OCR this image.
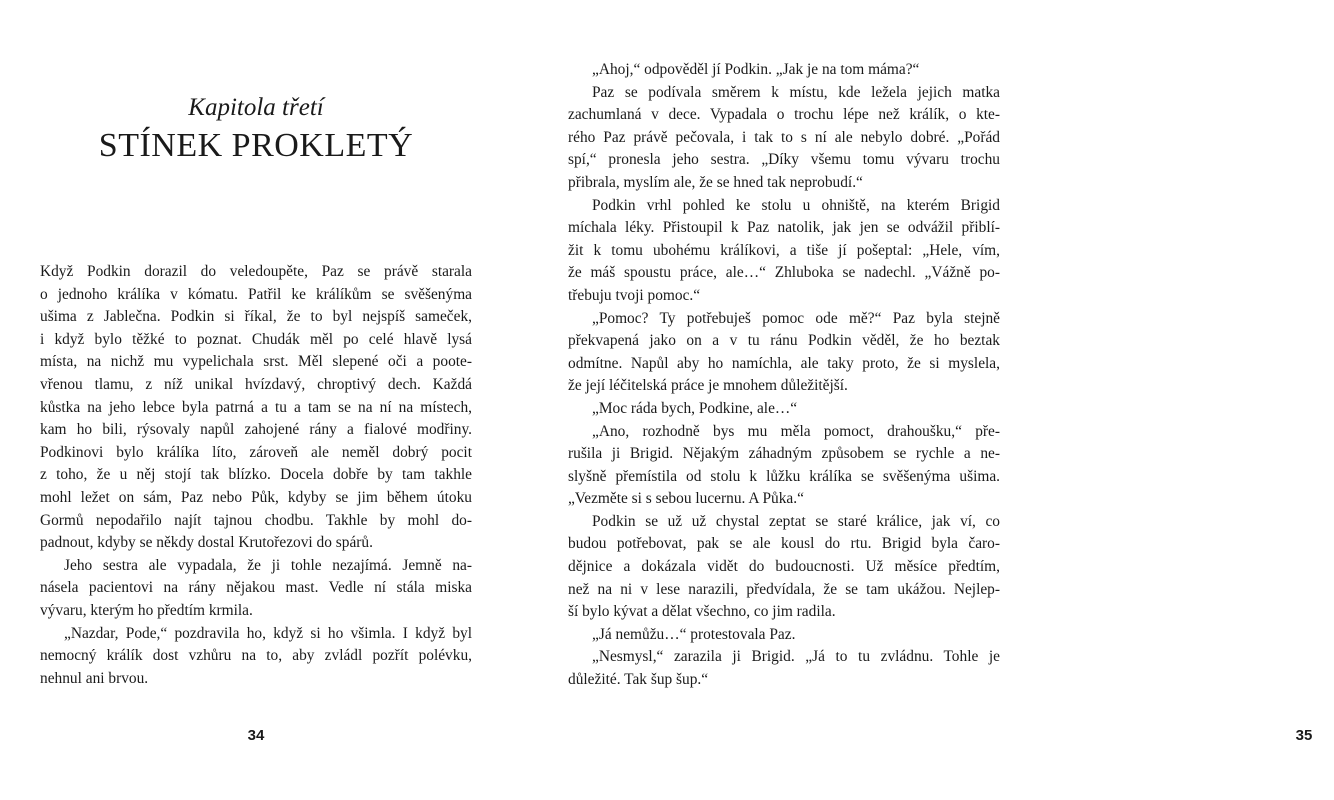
Kapitola třetí
STÍNEK PROKLETÝ
34

Když Podkin dorazil do veledoupěte, Paz se právě starala
o jednoho králíka v kómatu. Patřil ke králíkům se svěšenýma
ušima z Jablečna. Podkin si říkal, že to byl nejspíš sameček,
i když bylo těžké to poznat. Chudák měl po celé hlavě lysá
místa, na nichž mu vypelichala srst. Měl slepené oči a poote-
vřenou tlamu, z níž unikal hvízdavý, chroptivý dech. Každá
kůstka na jeho lebce byla patrná a tu a tam se na ní na místech,
kam ho bili, rýsovaly napůl zahojené rány a fialové modřiny.
Podkinovi bylo králíka líto, zároveň ale neměl dobrý pocit
z toho, že u něj stojí tak blízko. Docela dobře by tam takhle
mohl ležet on sám, Paz nebo Půk, kdyby se jim během útoku
Gormů nepodařilo najít tajnou chodbu. Takhle by mohl do-
padnout, kdyby se někdy dostal Krutořezovi do spárů.

Jeho sestra ale vypadala, že ji tohle nezajímá. Jemně na-
násela pacientovi na rány nějakou mast. Vedle ní stála miska
vývaru, kterým ho předtím krmila.

„Nazdar, Pode,“ pozdravila ho, když si ho všimla. I když byl
nemocný králík dost vzhůru na to, aby zvládl pozřít polévku,
nehnul ani brvou.

35

„Ahoj,“ odpověděl jí Podkin. „Jak je na tom máma?“

Paz se podívala směrem k místu, kde ležela jejich matka
zachumlaná v dece. Vypadala o trochu lépe než králík, o kte-
rého Paz právě pečovala, i tak to s ní ale nebylo dobré. „Pořád
spí,“ pronesla jeho sestra. „Díky všemu tomu vývaru trochu
přibrala, myslím ale, že se hned tak neprobudí.“

Podkin vrhl pohled ke stolu u ohniště, na kterém Brigid
míchala léky. Přistoupil k Paz natolik, jak jen se odvážil přiblí-
žit k tomu ubohému králíkovi, a tiše jí pošeptal: „Hele, vím,
že máš spoustu práce, ale…“ Zhluboka se nadechl. „Vážně po-
třebuju tvoji pomoc.“

„Pomoc? Ty potřebuješ pomoc ode mě?“ Paz byla stejně
překvapená jako on a v tu ránu Podkin věděl, že ho beztak
odmítne. Napůl aby ho namíchla, ale taky proto, že si myslela,
že její léčitelská práce je mnohem důležitější.

„Moc ráda bych, Podkine, ale…“

„Ano, rozhodně bys mu měla pomoct, drahoušku,“ pře-
rušila ji Brigid. Nějakým záhadným způsobem se rychle a ne-
slyšně přemístila od stolu k lůžku králíka se svěšenýma ušima.
„Vezměte si s sebou lucernu. A Půka.“

Podkin se už už chystal zeptat se staré králice, jak ví, co
budou potřebovat, pak se ale kousl do rtu. Brigid byla čaro-
dějnice a dokázala vidět do budoucnosti. Už měsíce předtím,
než na ni v lese narazili, předvídala, že se tam ukážou. Nejlep-
ší bylo kývat a dělat všechno, co jim radila.

„Já nemůžu…“ protestovala Paz.

„Nesmysl,“ zarazila ji Brigid. „Já to tu zvládnu. Tohle je
důležité. Tak šup šup.“
